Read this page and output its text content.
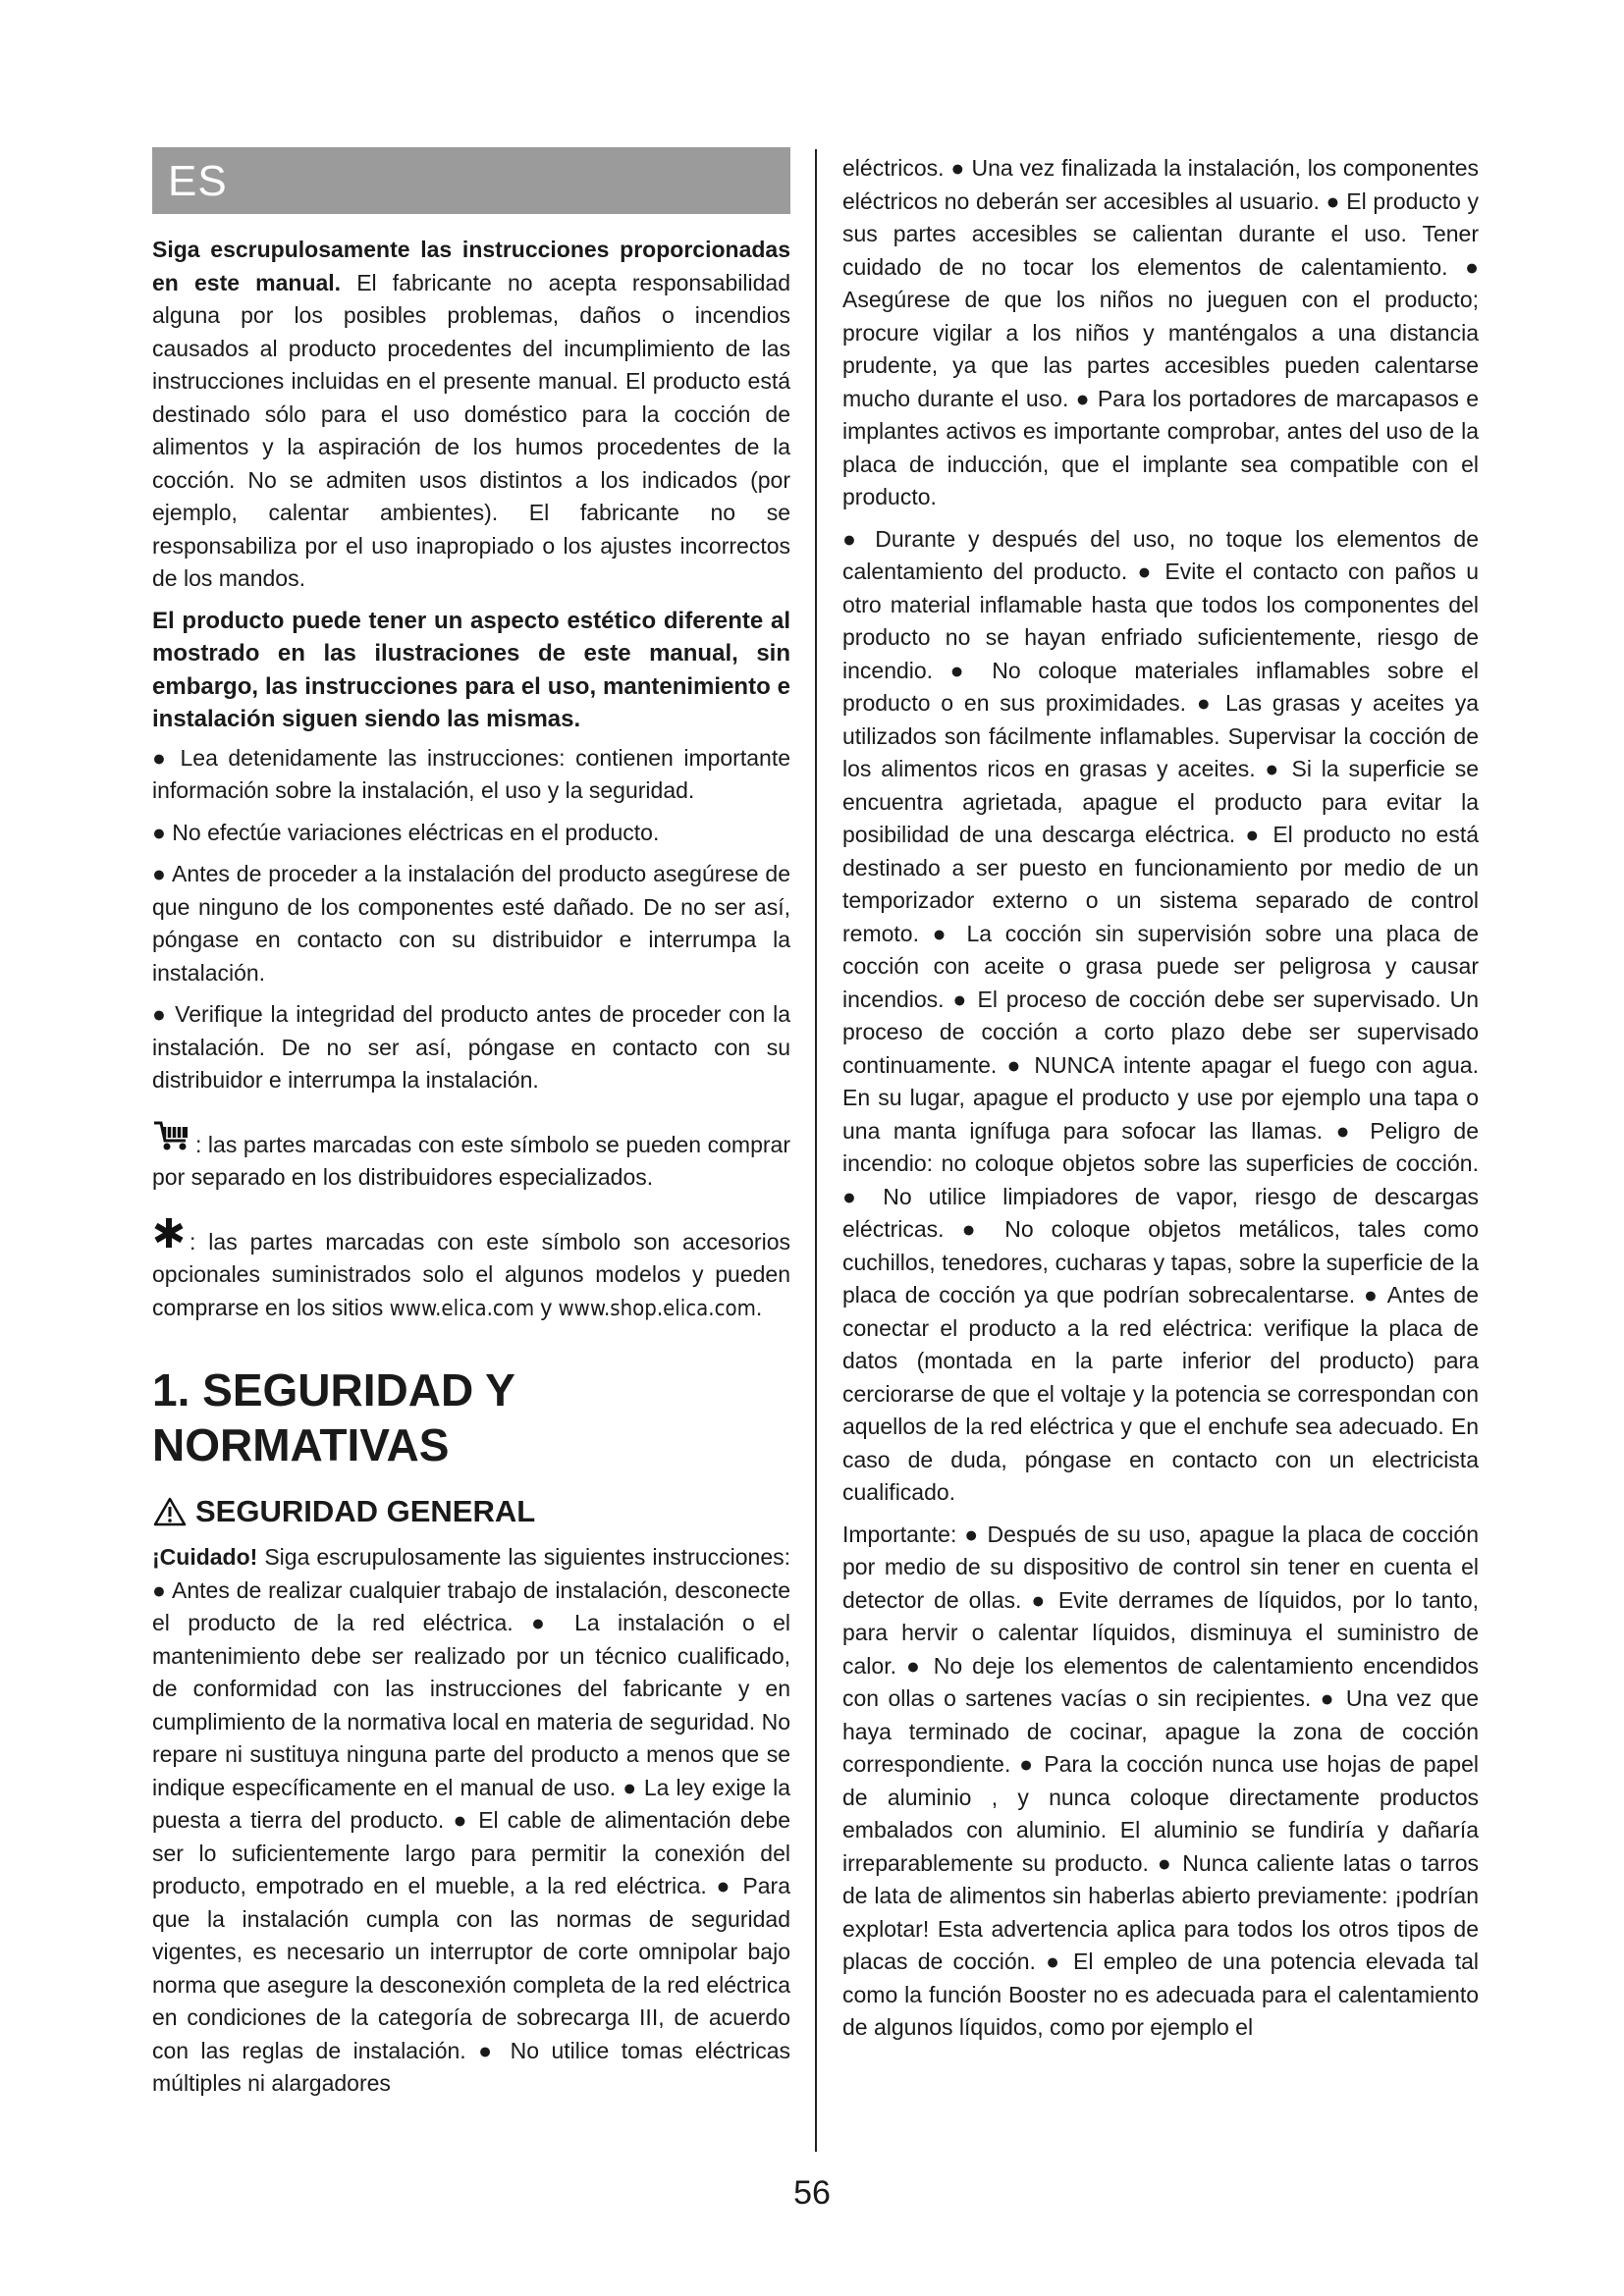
ES

Siga escrupulosamente las instrucciones proporcionadas en este manual. El fabricante no acepta responsabilidad alguna por los posibles problemas, daños o incendios causados al producto procedentes del incumplimiento de las instrucciones incluidas en el presente manual. El producto está destinado sólo para el uso doméstico para la cocción de alimentos y la aspiración de los humos procedentes de la cocción. No se admiten usos distintos a los indicados (por ejemplo, calentar ambientes). El fabricante no se responsabiliza por el uso inapropiado o los ajustes incorrectos de los mandos.

El producto puede tener un aspecto estético diferente al mostrado en las ilustraciones de este manual, sin embargo, las instrucciones para el uso, mantenimiento e instalación siguen siendo las mismas.

● Lea detenidamente las instrucciones: contienen importante información sobre la instalación, el uso y la seguridad.

● No efectúe variaciones eléctricas en el producto.

● Antes de proceder a la instalación del producto asegúrese de que ninguno de los componentes esté dañado. De no ser así, póngase en contacto con su distribuidor e interrumpa la instalación.

● Verifique la integridad del producto antes de proceder con la instalación. De no ser así, póngase en contacto con su distribuidor e interrumpa la instalación.

: las partes marcadas con este símbolo se pueden comprar por separado en los distribuidores especializados.

: las partes marcadas con este símbolo son accesorios opcionales suministrados solo el algunos modelos y pueden comprarse en los sitios www.elica.com y www.shop.elica.com.

1. SEGURIDAD Y NORMATIVAS
SEGURIDAD GENERAL

¡Cuidado! Siga escrupulosamente las siguientes instrucciones: ● Antes de realizar cualquier trabajo de instalación, desconecte el producto de la red eléctrica. ● La instalación o el mantenimiento debe ser realizado por un técnico cualificado, de conformidad con las instrucciones del fabricante y en cumplimiento de la normativa local en materia de seguridad. No repare ni sustituya ninguna parte del producto a menos que se indique específicamente en el manual de uso. ● La ley exige la puesta a tierra del producto. ● El cable de alimentación debe ser lo suficientemente largo para permitir la conexión del producto, empotrado en el mueble, a la red eléctrica. ● Para que la instalación cumpla con las normas de seguridad vigentes, es necesario un interruptor de corte omnipolar bajo norma que asegure la desconexión completa de la red eléctrica en condiciones de la categoría de sobrecarga III, de acuerdo con las reglas de instalación. ● No utilice tomas eléctricas múltiples ni alargadores

eléctricos. ● Una vez finalizada la instalación, los componentes eléctricos no deberán ser accesibles al usuario. ● El producto y sus partes accesibles se calientan durante el uso. Tener cuidado de no tocar los elementos de calentamiento. ● Asegúrese de que los niños no jueguen con el producto; procure vigilar a los niños y manténgalos a una distancia prudente, ya que las partes accesibles pueden calentarse mucho durante el uso. ● Para los portadores de marcapasos e implantes activos es importante comprobar, antes del uso de la placa de inducción, que el implante sea compatible con el producto.

● Durante y después del uso, no toque los elementos de calentamiento del producto. ● Evite el contacto con paños u otro material inflamable hasta que todos los componentes del producto no se hayan enfriado suficientemente, riesgo de incendio. ● No coloque materiales inflamables sobre el producto o en sus proximidades. ● Las grasas y aceites ya utilizados son fácilmente inflamables. Supervisar la cocción de los alimentos ricos en grasas y aceites. ● Si la superficie se encuentra agrietada, apague el producto para evitar la posibilidad de una descarga eléctrica. ● El producto no está destinado a ser puesto en funcionamiento por medio de un temporizador externo o un sistema separado de control remoto. ● La cocción sin supervisión sobre una placa de cocción con aceite o grasa puede ser peligrosa y causar incendios. ● El proceso de cocción debe ser supervisado. Un proceso de cocción a corto plazo debe ser supervisado continuamente. ● NUNCA intente apagar el fuego con agua. En su lugar, apague el producto y use por ejemplo una tapa o una manta ignífuga para sofocar las llamas. ● Peligro de incendio: no coloque objetos sobre las superficies de cocción. ● No utilice limpiadores de vapor, riesgo de descargas eléctricas. ● No coloque objetos metálicos, tales como cuchillos, tenedores, cucharas y tapas, sobre la superficie de la placa de cocción ya que podrían sobrecalentarse. ● Antes de conectar el producto a la red eléctrica: verifique la placa de datos (montada en la parte inferior del producto) para cerciorarse de que el voltaje y la potencia se correspondan con aquellos de la red eléctrica y que el enchufe sea adecuado. En caso de duda, póngase en contacto con un electricista cualificado.

Importante: ● Después de su uso, apague la placa de cocción por medio de su dispositivo de control sin tener en cuenta el detector de ollas. ● Evite derrames de líquidos, por lo tanto, para hervir o calentar líquidos, disminuya el suministro de calor. ● No deje los elementos de calentamiento encendidos con ollas o sartenes vacías o sin recipientes. ● Una vez que haya terminado de cocinar, apague la zona de cocción correspondiente. ● Para la cocción nunca use hojas de papel de aluminio , y nunca coloque directamente productos embalados con aluminio. El aluminio se fundiría y dañaría irreparablemente su producto. ● Nunca caliente latas o tarros de lata de alimentos sin haberlas abierto previamente: ¡podrían explotar! Esta advertencia aplica para todos los otros tipos de placas de cocción. ● El empleo de una potencia elevada tal como la función Booster no es adecuada para el calentamiento de algunos líquidos, como por ejemplo el

56
